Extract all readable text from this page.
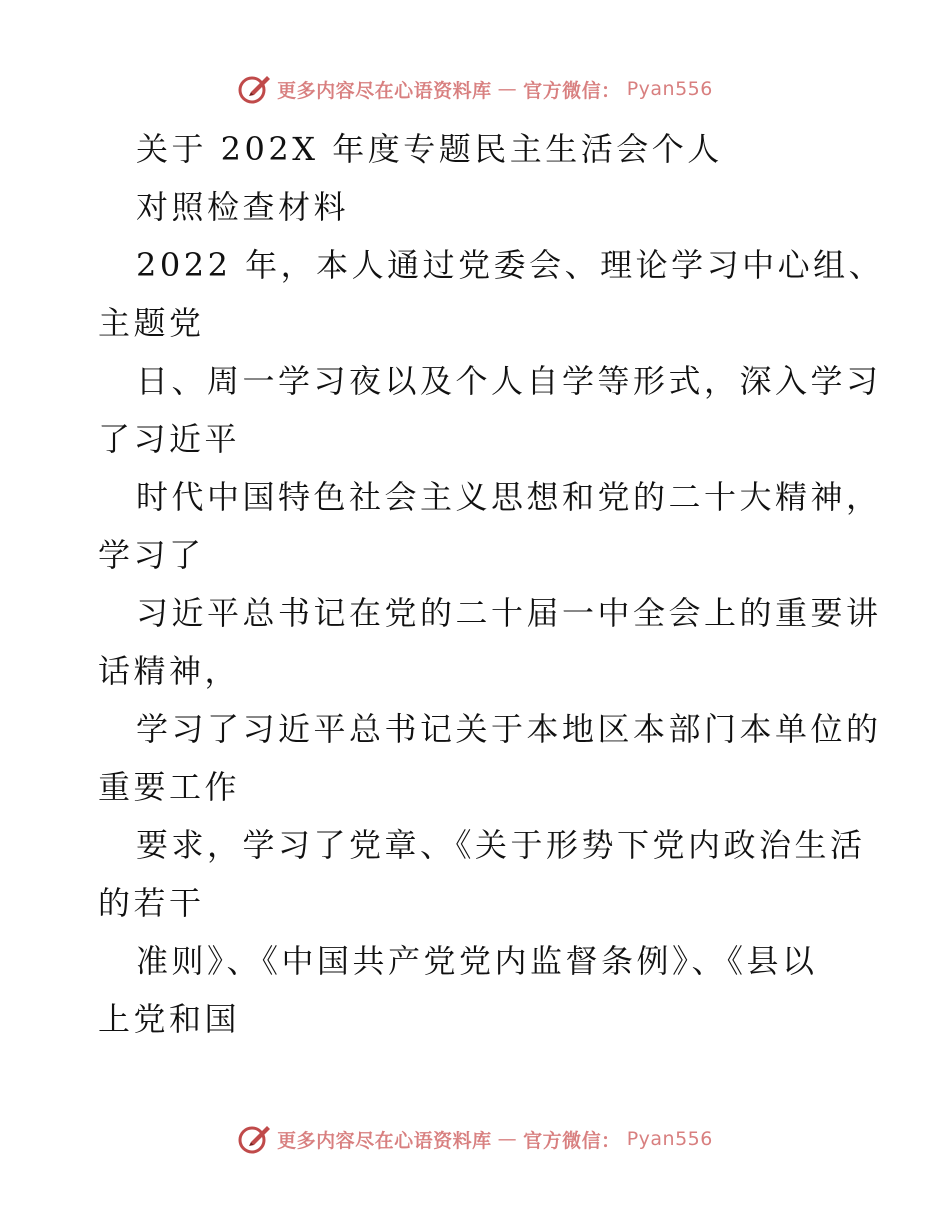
更多内容尽在心语资料库 — 官方微信： Pyan556
关于 202X 年度专题民主生活会个人
对照检查材料
2022 年，本人通过党委会、理论学习中心组、
主题党
日、周一学习夜以及个人自学等形式，深入学习
了习近平
时代中国特色社会主义思想和党的二十大精神，
学习了
习近平总书记在党的二十届一中全会上的重要讲
话精神，
学习了习近平总书记关于本地区本部门本单位的
重要工作
要求，学习了党章、《关于形势下党内政治生活
的若干
准则》、《中国共产党党内监督条例》、《县以
上党和国
更多内容尽在心语资料库 — 官方微信： Pyan556
